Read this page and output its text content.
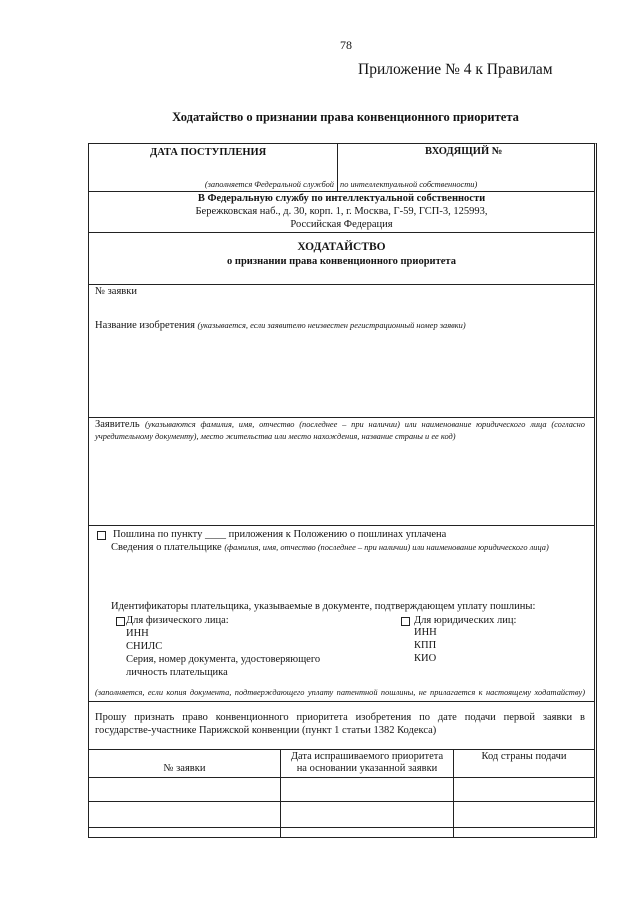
78
Приложение № 4 к Правилам
Ходатайство о признании права конвенционного приоритета
ДАТА ПОСТУПЛЕНИЯ	ВХОДЯЩИЙ №
(заполняется Федеральной службой по интеллектуальной собственности)
В Федеральную службу по интеллектуальной собственности
Бережковская наб., д. 30, корп. 1, г. Москва, Г-59, ГСП-3, 125993,
Российская Федерация
ХОДАТАЙСТВО
о признании права конвенционного приоритета
№ заявки
Название изобретения (указывается, если заявителю неизвестен регистрационный номер заявки)
Заявитель (указываются фамилия, имя, отчество (последнее – при наличии) или наименование юридического лица (согласно
учредительному документу), место жительства или место нахождения, название страны и ее код)
Пошлина по пункту ____ приложения к Положению о пошлинах уплачена
Сведения о плательщике (фамилия, имя, отчество (последнее – при наличии) или наименование юридического лица)
Идентификаторы плательщика, указываемые в документе, подтверждающем уплату пошлины:
Для физического лица:
ИНН
СНИЛС
Серия, номер документа, удостоверяющего
личность плательщика
Для юридических лиц:
ИНН
КПП
КИО
(заполняется, если копия документа, подтверждающего уплату патентной пошлины, не прилагается к настоящему ходатайству)
Прошу признать право конвенционного приоритета изобретения по дате подачи первой заявки в
государстве-участнике Парижской конвенции (пункт 1 статьи 1382 Кодекса)
№ заявки
Дата испрашиваемого приоритета
на основании указанной заявки
Код страны подачи
